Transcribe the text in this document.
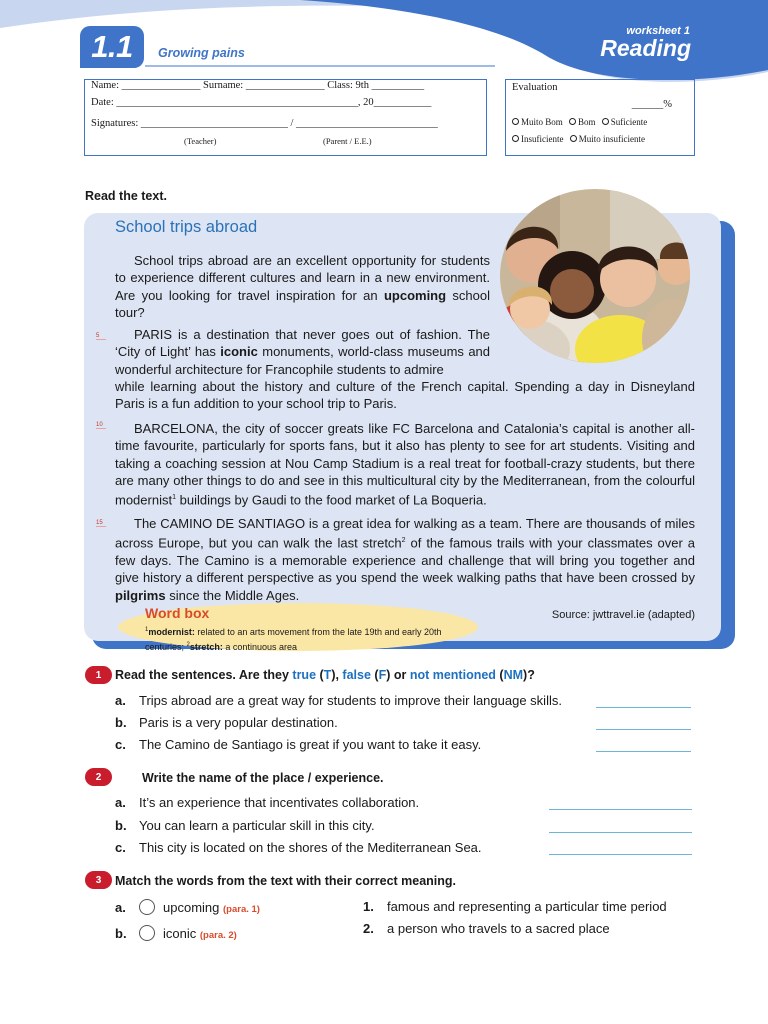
1.1	Growing pains
worksheet 1
Reading
Name: _______________ Surname: _______________ Class: 9th __________
Date: ______________________________________________, 20___________
Signatures: ____________________________ / ___________________________
(Teacher)	(Parent / E.E.)
Evaluation
______%
Muito Bom Bom Suficiente
Insuficiente Muito insuficiente
Read the text.
School trips abroad
School trips abroad are an excellent opportunity for students to experience different cultures and learn in a new environment. Are you looking for travel inspiration for an upcoming school tour?
5	PARIS is a destination that never goes out of fashion. The ‘City of Light’ has iconic monuments, world-class museums and wonderful architecture for Francophile students to admire
while learning about the history and culture of the French capital. Spending a day in Disneyland Paris is a fun addition to your school trip to Paris.
10	BARCELONA, the city of soccer greats like FC Barcelona and Catalonia’s capital is another all-time favourite, particularly for sports fans, but it also has plenty to see for art students. Visiting and taking a coaching session at Nou Camp Stadium is a real treat for football-crazy students, but there are many other things to do and see in this multicultural city by the Mediterranean, from the colourful modernist$^1$ buildings by Gaudi to the food market of La Boqueria.
15	The CAMINO DE SANTIAGO is a great idea for walking as a team. There are thousands of miles across Europe, but you can walk the last stretch$^2$ of the famous trails with your classmates over a few days. The Camino is a memorable experience and challenge that will bring you together and give history a different perspective as you spend the week walking paths that have been crossed by pilgrims since the Middle Ages.
Source: jwttravel.ie (adapted)
Word box
$^1$modernist: related to an arts movement from the late 19th and early 20th centuries; $^2$stretch: a continuous area
1	Read the sentences. Are they true (T), false (F) or not mentioned (NM)?
a. Trips abroad are a great way for students to improve their language skills.
b. Paris is a very popular destination.
c. The Camino de Santiago is great if you want to take it easy.
2	Write the name of the place / experience.
a. It’s an experience that incentivates collaboration.
b. You can learn a particular skill in this city.
c. This city is located on the shores of the Mediterranean Sea.
3	Match the words from the text with their correct meaning.
a.	upcoming (para. 1)
b.	iconic (para. 2)
1. famous and representing a particular time period
2. a person who travels to a sacred place
